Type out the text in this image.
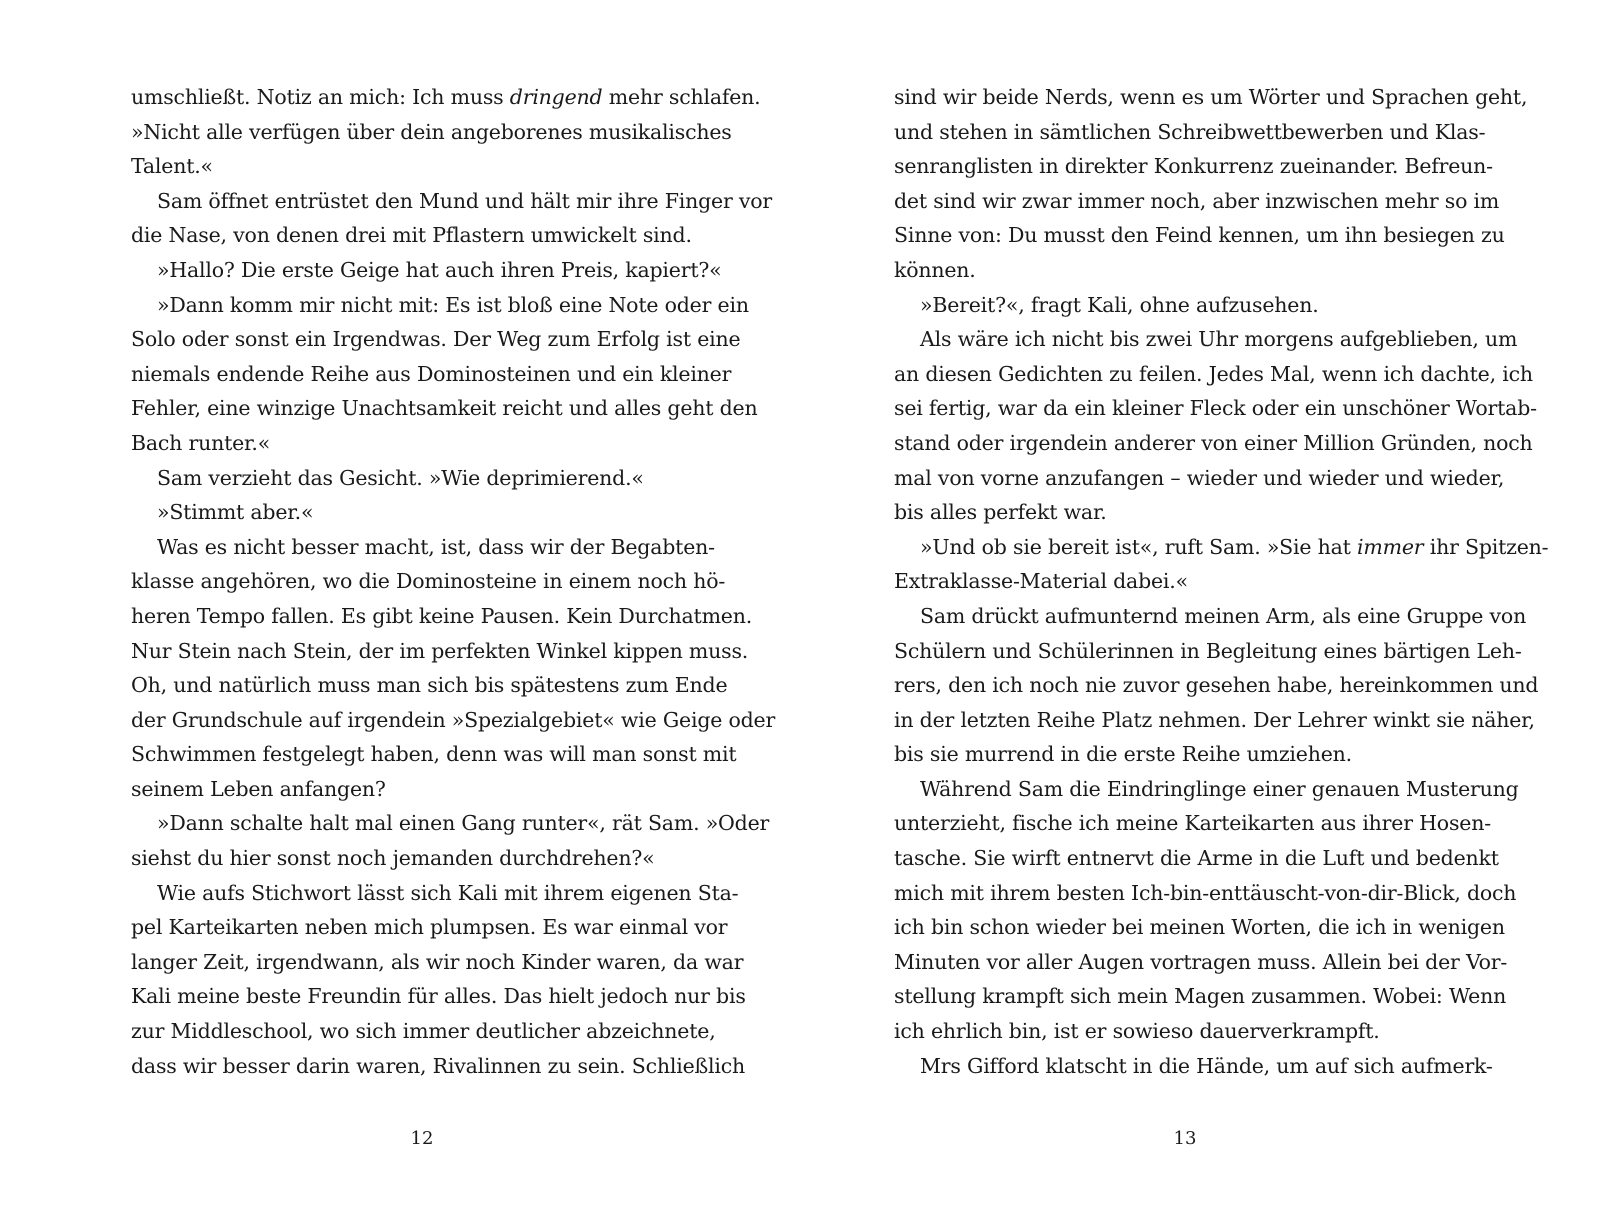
umschließt. Notiz an mich: Ich muss dringend mehr schlafen.
»Nicht alle verfügen über dein angeborenes musikalisches
Talent.«
Sam öffnet entrüstet den Mund und hält mir ihre Finger vor
die Nase, von denen drei mit Pflastern umwickelt sind.
»Hallo? Die erste Geige hat auch ihren Preis, kapiert?«
»Dann komm mir nicht mit: Es ist bloß eine Note oder ein
Solo oder sonst ein Irgendwas. Der Weg zum Erfolg ist eine
niemals endende Reihe aus Dominosteinen und ein kleiner
Fehler, eine winzige Unachtsamkeit reicht und alles geht den
Bach runter.«
Sam verzieht das Gesicht. »Wie deprimierend.«
»Stimmt aber.«
Was es nicht besser macht, ist, dass wir der Begabten-
klasse angehören, wo die Dominosteine in einem noch hö-
heren Tempo fallen. Es gibt keine Pausen. Kein Durchatmen.
Nur Stein nach Stein, der im perfekten Winkel kippen muss.
Oh, und natürlich muss man sich bis spätestens zum Ende
der Grundschule auf irgendein »Spezialgebiet« wie Geige oder
Schwimmen festgelegt haben, denn was will man sonst mit
seinem Leben anfangen?
»Dann schalte halt mal einen Gang runter«, rät Sam. »Oder
siehst du hier sonst noch jemanden durchdrehen?«
Wie aufs Stichwort lässt sich Kali mit ihrem eigenen Sta-
pel Karteikarten neben mich plumpsen. Es war einmal vor
langer Zeit, irgendwann, als wir noch Kinder waren, da war
Kali meine beste Freundin für alles. Das hielt jedoch nur bis
zur Middleschool, wo sich immer deutlicher abzeichnete,
dass wir besser darin waren, Rivalinnen zu sein. Schließlich
sind wir beide Nerds, wenn es um Wörter und Sprachen geht,
und stehen in sämtlichen Schreibwettbewerben und Klas-
senranglisten in direkter Konkurrenz zueinander. Befreun-
det sind wir zwar immer noch, aber inzwischen mehr so im
Sinne von: Du musst den Feind kennen, um ihn besiegen zu
können.
»Bereit?«, fragt Kali, ohne aufzusehen.
Als wäre ich nicht bis zwei Uhr morgens aufgeblieben, um
an diesen Gedichten zu feilen. Jedes Mal, wenn ich dachte, ich
sei fertig, war da ein kleiner Fleck oder ein unschöner Wortab-
stand oder irgendein anderer von einer Million Gründen, noch
mal von vorne anzufangen – wieder und wieder und wieder,
bis alles perfekt war.
»Und ob sie bereit ist«, ruft Sam. »Sie hat immer ihr Spitzen-
Extraklasse-Material dabei.«
Sam drückt aufmunternd meinen Arm, als eine Gruppe von
Schülern und Schülerinnen in Begleitung eines bärtigen Leh-
rers, den ich noch nie zuvor gesehen habe, hereinkommen und
in der letzten Reihe Platz nehmen. Der Lehrer winkt sie näher,
bis sie murrend in die erste Reihe umziehen.
Während Sam die Eindringlinge einer genauen Musterung
unterzieht, fische ich meine Karteikarten aus ihrer Hosen-
tasche. Sie wirft entnervt die Arme in die Luft und bedenkt
mich mit ihrem besten Ich-bin-enttäuscht-von-dir-Blick, doch
ich bin schon wieder bei meinen Worten, die ich in wenigen
Minuten vor aller Augen vortragen muss. Allein bei der Vor-
stellung krampft sich mein Magen zusammen. Wobei: Wenn
ich ehrlich bin, ist er sowieso dauerverkrampft.
Mrs Gifford klatscht in die Hände, um auf sich aufmerk-
12	13
